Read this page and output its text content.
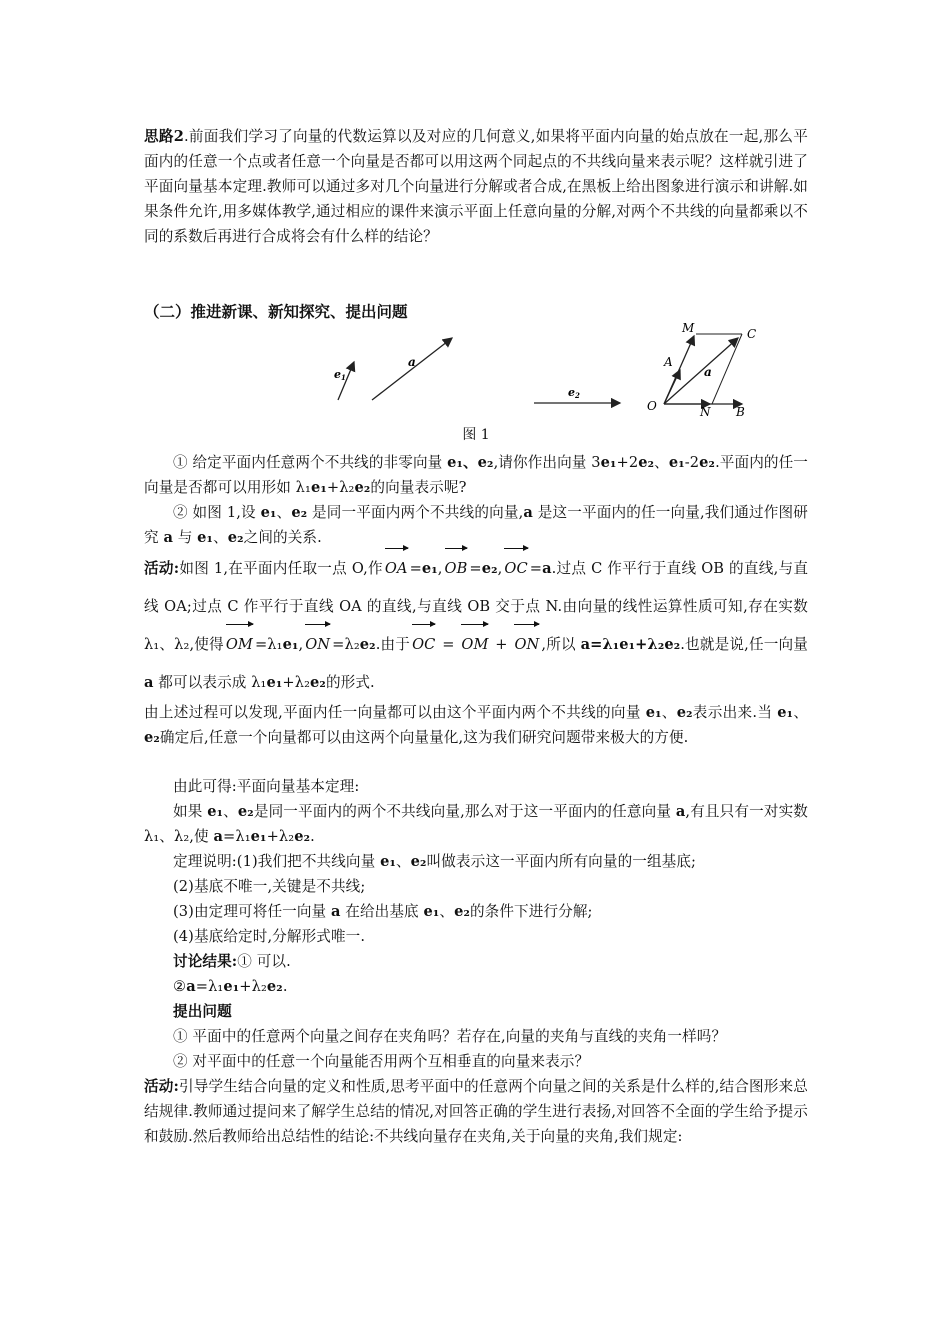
思路2.前面我们学习了向量的代数运算以及对应的几何意义,如果将平面内向量的始点放在一起,那么平面内的任意一个点或者任意一个向量是否都可以用这两个同起点的不共线向量来表示呢？这样就引进了平面向量基本定理.教师可以通过多对几个向量进行分解或者合成,在黑板上给出图象进行演示和讲解.如果条件允许,用多媒体教学,通过相应的课件来演示平面上任意向量的分解,对两个不共线的向量都乘以不同的系数后再进行合成将会有什么样的结论？

（二）推进新课、新知探究、提出问题

e1
a
e2
M	C
A
a
O	N B

图 1

① 给定平面内任意两个不共线的非零向量 e₁、e₂,请你作出向量 3e₁+2e₂、e₁-2e₂.平面内的任一向量是否都可以用形如 λ₁e₁+λ₂e₂的向量表示呢?

② 如图 1,设 e₁、e₂ 是同一平面内两个不共线的向量,a 是这一平面内的任一向量,我们通过作图研究 a 与 e₁、e₂之间的关系.

活动:如图 1,在平面内任取一点 O,作 OA =e₁, OB =e₂, OC =a.过点 C 作平行于直线 OB 的直线,与直线 OA;过点 C 作平行于直线 OA 的直线,与直线 OB 交于点 N.由向量的线性运算性质可知,存在实数 λ₁、λ₂,使得 OM =λ₁e₁, ON =λ₂e₂.由于 OC = OM + ON ,所以 a=λ₁e₁+λ₂e₂.也就是说,任一向量 a 都可以表示成 λ₁e₁+λ₂e₂的形式.

由上述过程可以发现,平面内任一向量都可以由这个平面内两个不共线的向量 e₁、e₂表示出来.当 e₁、e₂确定后,任意一个向量都可以由这两个向量量化,这为我们研究问题带来极大的方便.

由此可得:平面向量基本定理:

如果 e₁、e₂是同一平面内的两个不共线向量,那么对于这一平面内的任意向量 a,有且只有一对实数 λ₁、λ₂,使 a=λ₁e₁+λ₂e₂.

定理说明:(1)我们把不共线向量 e₁、e₂叫做表示这一平面内所有向量的一组基底;

(2)基底不唯一,关键是不共线;

(3)由定理可将任一向量 a 在给出基底 e₁、e₂的条件下进行分解;

(4)基底给定时,分解形式唯一.

讨论结果:① 可以.

②a=λ₁e₁+λ₂e₂.

提出问题

① 平面中的任意两个向量之间存在夹角吗？若存在,向量的夹角与直线的夹角一样吗？

② 对平面中的任意一个向量能否用两个互相垂直的向量来表示？

活动:引导学生结合向量的定义和性质,思考平面中的任意两个向量之间的关系是什么样的,结合图形来总结规律.教师通过提问来了解学生总结的情况,对回答正确的学生进行表扬,对回答不全面的学生给予提示和鼓励.然后教师给出总结性的结论:不共线向量存在夹角,关于向量的夹角,我们规定:
